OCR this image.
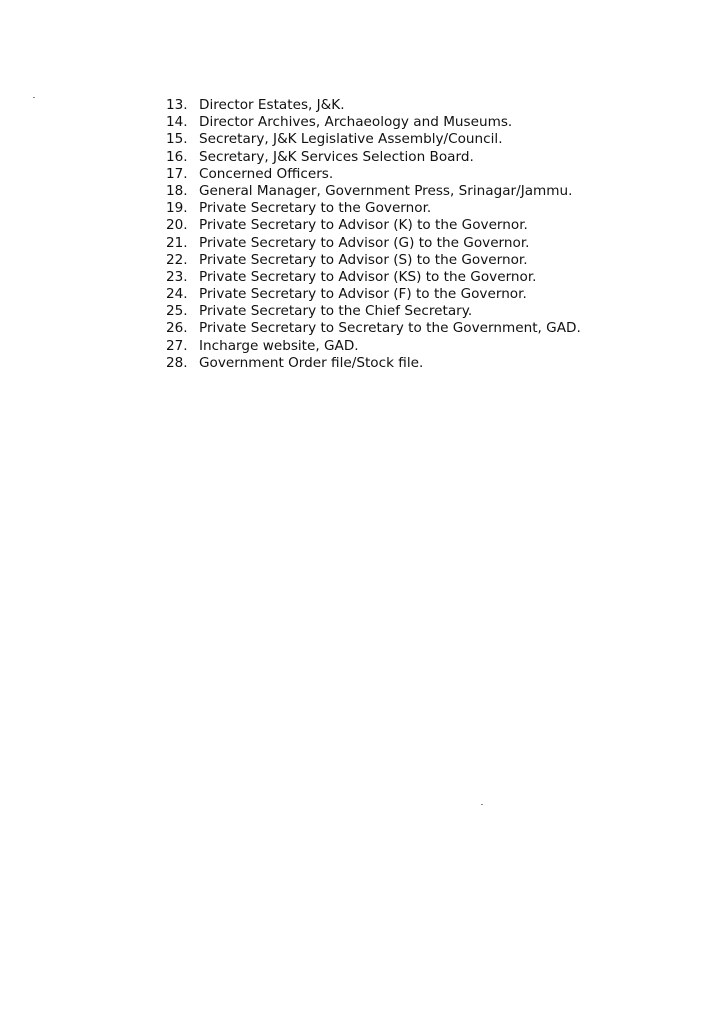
13. Director Estates, J&K.
14. Director Archives, Archaeology and Museums.
15. Secretary, J&K Legislative Assembly/Council.
16. Secretary, J&K Services Selection Board.
17. Concerned Officers.
18. General Manager, Government Press, Srinagar/Jammu.
19. Private Secretary to the Governor.
20. Private Secretary to Advisor (K) to the Governor.
21. Private Secretary to Advisor (G) to the Governor.
22. Private Secretary to Advisor (S) to the Governor.
23. Private Secretary to Advisor (KS) to the Governor.
24. Private Secretary to Advisor (F) to the Governor.
25. Private Secretary to the Chief Secretary.
26. Private Secretary to Secretary to the Government, GAD.
27. Incharge website, GAD.
28. Government Order file/Stock file.
